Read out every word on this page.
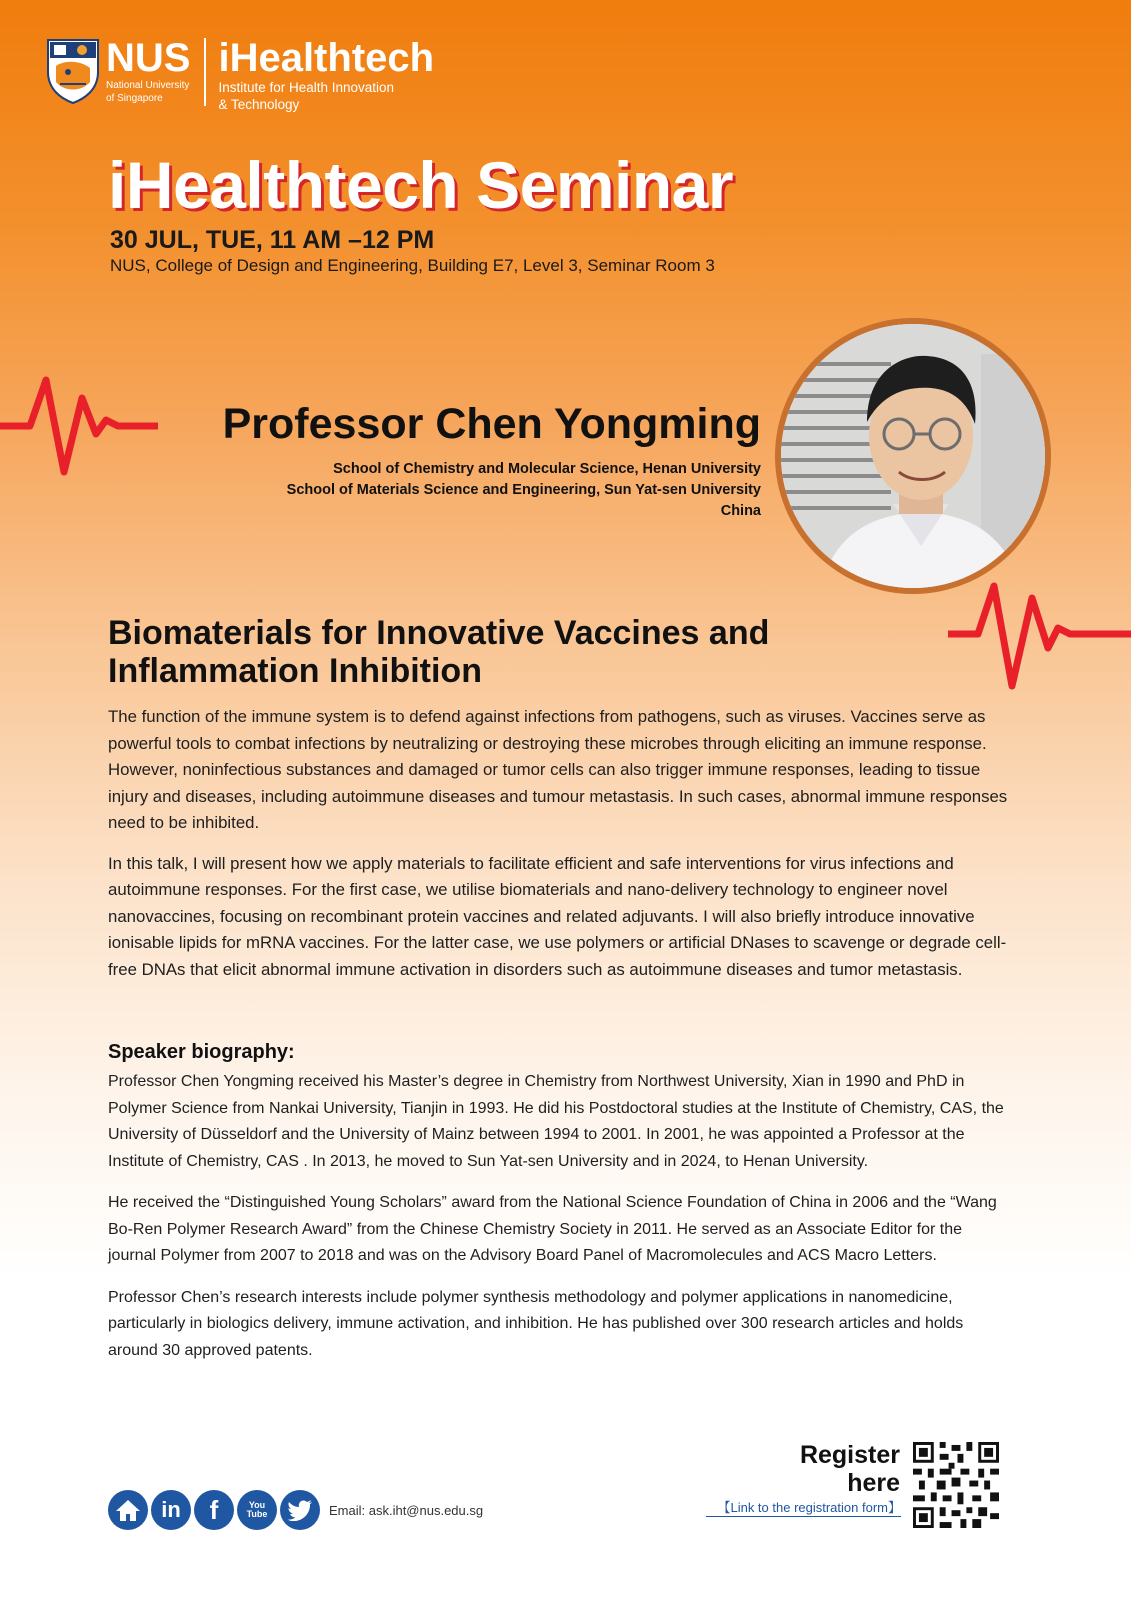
NUS
National University
of Singapore
iHealthtech
Institute for Health Innovation
& Technology
iHealthtech Seminar

30 JUL, TUE, 11 AM –12 PM

NUS, College of Design and Engineering, Building E7, Level 3, Seminar Room 3

Professor Chen Yongming
School of Chemistry and Molecular Science, Henan University
School of Materials Science and Engineering, Sun Yat-sen University
China
Biomaterials for Innovative Vaccines and Inflammation Inhibition

The function of the immune system is to defend against infections from pathogens, such as viruses. Vaccines serve as powerful tools to combat infections by neutralizing or destroying these microbes through eliciting an immune response. However, noninfectious substances and damaged or tumor cells can also trigger immune responses, leading to tissue injury and diseases, including autoimmune diseases and tumour metastasis. In such cases, abnormal immune responses need to be inhibited.

In this talk, I will present how we apply materials to facilitate efficient and safe interventions for virus infections and autoimmune responses. For the first case, we utilise biomaterials and nano-delivery technology to engineer novel nanovaccines, focusing on recombinant protein vaccines and related adjuvants. I will also briefly introduce innovative ionisable lipids for mRNA vaccines. For the latter case, we use polymers or artificial DNases to scavenge or degrade cell-free DNAs that elicit abnormal immune activation in disorders such as autoimmune diseases and tumor metastasis.

Speaker biography:

Professor Chen Yongming received his Master’s degree in Chemistry from Northwest University, Xian in 1990 and PhD in Polymer Science from Nankai University, Tianjin in 1993. He did his Postdoctoral studies at the Institute of Chemistry, CAS, the University of Düsseldorf and the University of Mainz between 1994 to 2001. In 2001, he was appointed a Professor at the Institute of Chemistry, CAS . In 2013, he moved to Sun Yat-sen University and in 2024, to Henan University.

He received the “Distinguished Young Scholars” award from the National Science Foundation of China in 2006 and the “Wang Bo-Ren Polymer Research Award” from the Chinese Chemistry Society in 2011. He served as an Associate Editor for the journal Polymer from 2007 to 2018 and was on the Advisory Board Panel of Macromolecules and ACS Macro Letters.

Professor Chen’s research interests include polymer synthesis methodology and polymer applications in nanomedicine, particularly in biologics delivery, immune activation, and inhibition. He has published over 300 research articles and holds around 30 approved patents.

in f	You Tube	Email: ask.iht@nus.edu.sg

Register
here

【Link to the registration form】
